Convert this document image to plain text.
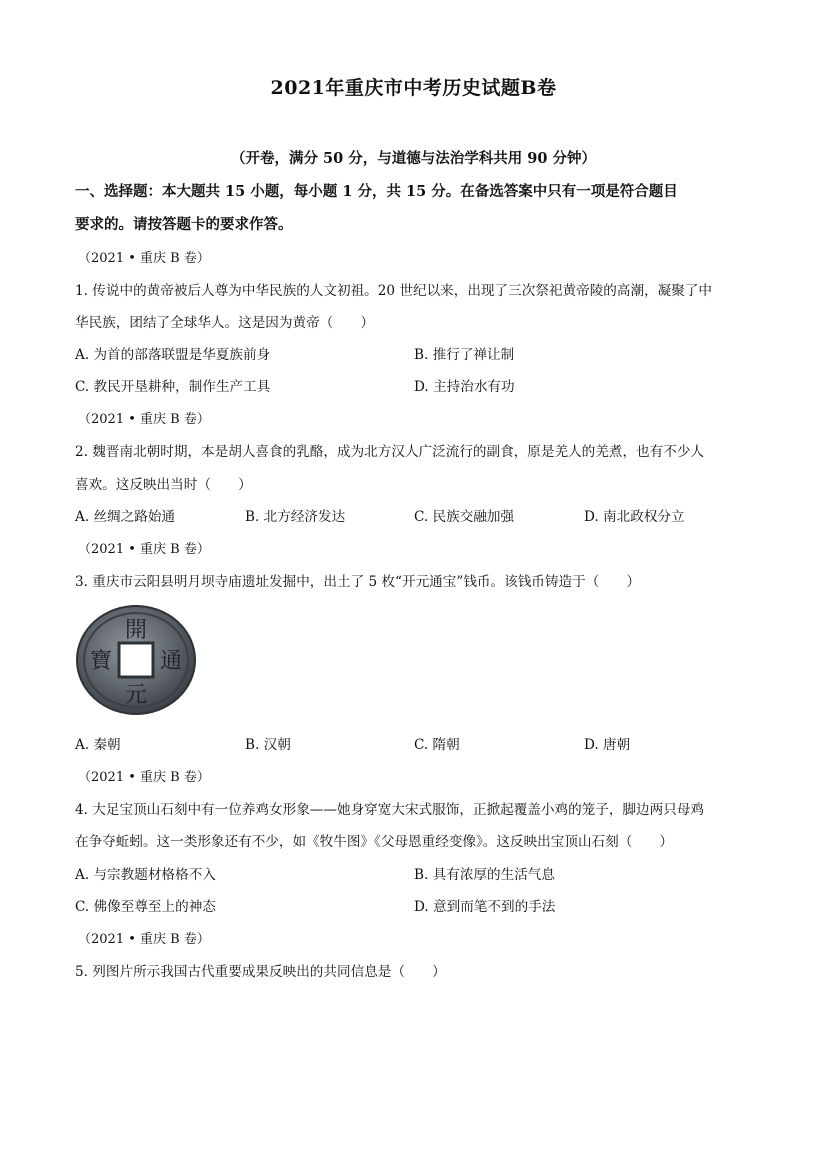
2021年重庆市中考历史试题B卷
（开卷，满分 50 分，与道德与法治学科共用 90 分钟）
一、选择题：本大题共 15 小题，每小题 1 分，共 15 分。在备选答案中只有一项是符合题目
要求的。请按答题卡的要求作答。
（2021 • 重庆 B 卷）
1. 传说中的黄帝被后人尊为中华民族的人文初祖。20 世纪以来，出现了三次祭祀黄帝陵的高潮，凝聚了中
华民族，团结了全球华人。这是因为黄帝（　　）
A. 为首的部落联盟是华夏族前身	B. 推行了禅让制
C. 教民开垦耕种，制作生产工具	D. 主持治水有功
（2021 • 重庆 B 卷）
2. 魏晋南北朝时期，本是胡人喜食的乳酪，成为北方汉人广泛流行的副食，原是羌人的羌煮，也有不少人
喜欢。这反映出当时（　　）
A. 丝绸之路始通	B. 北方经济发达	C. 民族交融加强	D. 南北政权分立
（2021 • 重庆 B 卷）
3. 重庆市云阳县明月坝寺庙遗址发掘中，出土了 5 枚“开元通宝”钱币。该钱币铸造于（　　）
開
通
元
寶
A. 秦朝	B. 汉朝	C. 隋朝	D. 唐朝
（2021 • 重庆 B 卷）
4. 大足宝顶山石刻中有一位养鸡女形象——她身穿宽大宋式服饰，正掀起覆盖小鸡的笼子，脚边两只母鸡
在争夺蚯蚓。这一类形象还有不少，如《牧牛图》《父母恩重经变像》。这反映出宝顶山石刻（　　）
A. 与宗教题材格格不入	B. 具有浓厚的生活气息
C. 佛像至尊至上的神态	D. 意到而笔不到的手法
（2021 • 重庆 B 卷）
5. 列图片所示我国古代重要成果反映出的共同信息是（　　）
